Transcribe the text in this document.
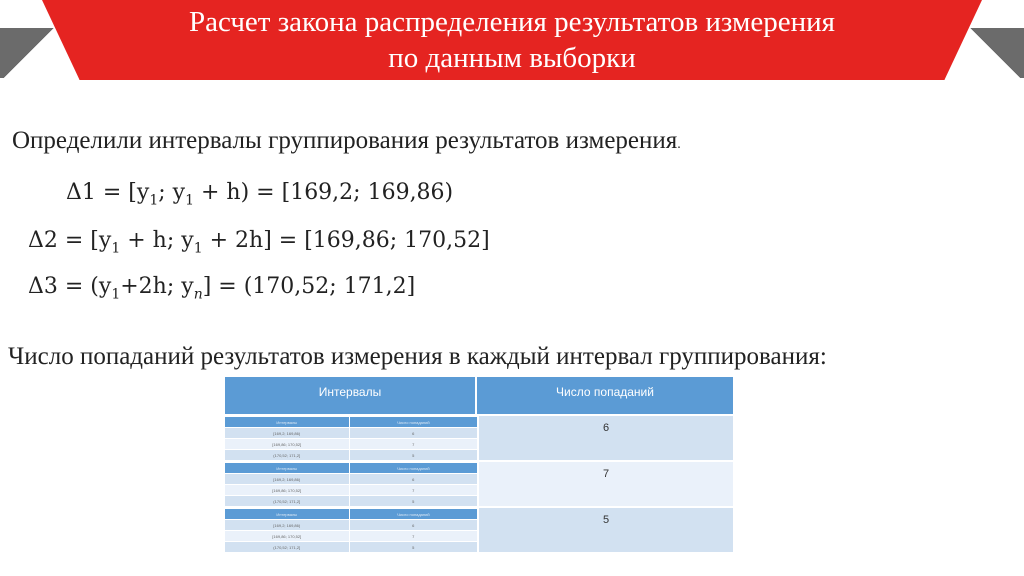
Расчет закона распределения результатов измерения
по данным выборки
Определили интервалы группирования результатов измерения.
$\Delta 1 = [y_1$; $y_1 + h) = [169,2$; 169,86)
$\Delta 2 = [y_1 + h$; $y_1 + 2h] = [169,86$; 170,52]
$\Delta 3 = (y_1+2h$; $y_n] = (170,52$; 171,2]
Число попаданий результатов измерения в каждый интервал группирования:
Интервалы	Число попаданий
Интервалы	Число попаданий
[169,2; 169,86)	6
[169,86; 170,52]	7
(170,52; 171,2]	5
6
Интервалы	Число попаданий
[169,2; 169,86)	6
[169,86; 170,52]	7
(170,52; 171,2]	5
7
Интервалы	Число попаданий
[169,2; 169,86)	6
[169,86; 170,52]	7
(170,52; 171,2]	5
5
